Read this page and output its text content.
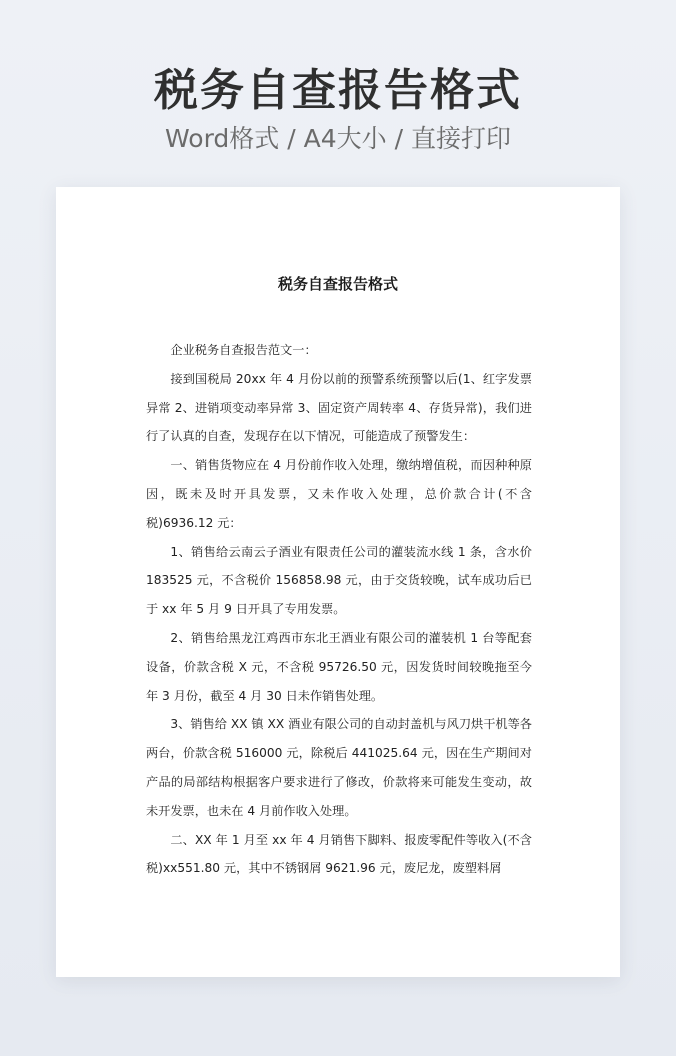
税务自查报告格式
Word格式 / A4大小 / 直接打印
税务自查报告格式

企业税务自查报告范文一：

接到国税局 20xx 年 4 月份以前的预警系统预警以后(1、红字发票异常 2、进销项变动率异常 3、固定资产周转率 4、存货异常)，我们进行了认真的自查，发现存在以下情况，可能造成了预警发生：

一、销售货物应在 4 月份前作收入处理，缴纳增值税，而因种种原因，既未及时开具发票，又未作收入处理，总价款合计(不含税)6936.12 元：

1、销售给云南云子酒业有限责任公司的灌装流水线 1 条，含水价 183525 元，不含税价 156858.98 元，由于交货较晚，试车成功后已于 xx 年 5 月 9 日开具了专用发票。

2、销售给黑龙江鸡西市东北王酒业有限公司的灌装机 1 台等配套设备，价款含税 X 元，不含税 95726.50 元，因发货时间较晚拖至今年 3 月份，截至 4 月 30 日未作销售处理。

3、销售给 XX 镇 XX 酒业有限公司的自动封盖机与风刀烘干机等各两台，价款含税 516000 元，除税后 441025.64 元，因在生产期间对产品的局部结构根据客户要求进行了修改，价款将来可能发生变动，故未开发票，也未在 4 月前作收入处理。

二、XX 年 1 月至 xx 年 4 月销售下脚料、报废零配件等收入(不含税)xx551.80 元，其中不锈钢屑 9621.96 元，废尼龙，废塑料屑
